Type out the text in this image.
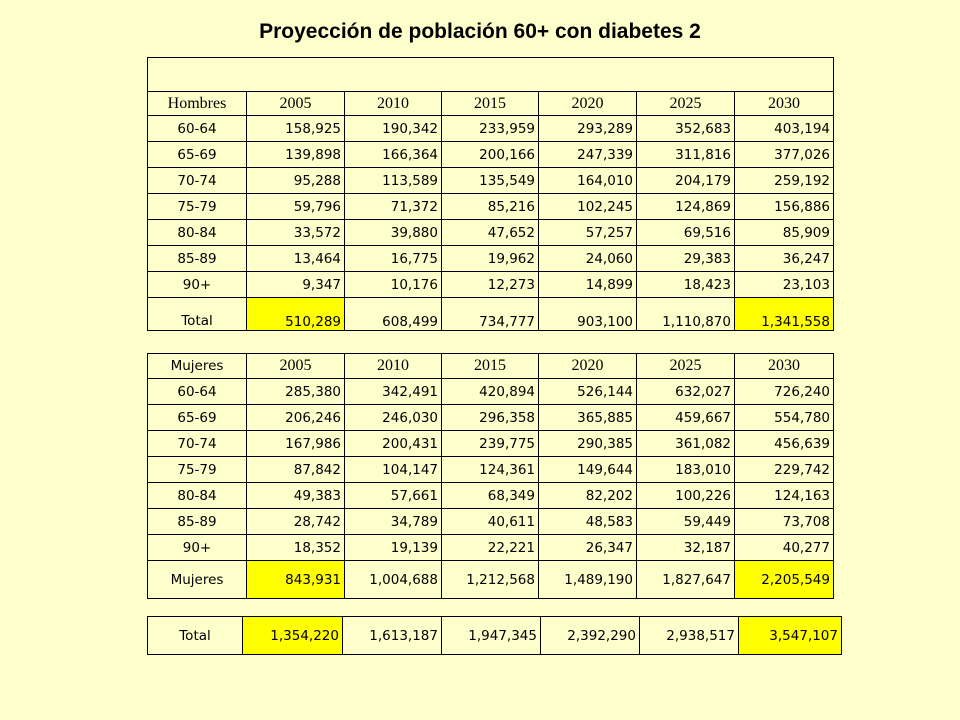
Proyección de población 60+ con diabetes 2

Hombres	2005	2010	2015	2020	2025	2030
60-64	158,925	190,342	233,959	293,289	352,683	403,194
65-69	139,898	166,364	200,166	247,339	311,816	377,026
70-74	95,288	113,589	135,549	164,010	204,179	259,192
75-79	59,796	71,372	85,216	102,245	124,869	156,886
80-84	33,572	39,880	47,652	57,257	69,516	85,909
85-89	13,464	16,775	19,962	24,060	29,383	36,247
90+	9,347	10,176	12,273	14,899	18,423	23,103
Total	510,289	608,499	734,777	903,100	1,110,870	1,341,558
Mujeres	2005	2010	2015	2020	2025	2030
60-64	285,380	342,491	420,894	526,144	632,027	726,240
65-69	206,246	246,030	296,358	365,885	459,667	554,780
70-74	167,986	200,431	239,775	290,385	361,082	456,639
75-79	87,842	104,147	124,361	149,644	183,010	229,742
80-84	49,383	57,661	68,349	82,202	100,226	124,163
85-89	28,742	34,789	40,611	48,583	59,449	73,708
90+	18,352	19,139	22,221	26,347	32,187	40,277
Mujeres	843,931	1,004,688	1,212,568	1,489,190	1,827,647	2,205,549
Total	1,354,220	1,613,187	1,947,345	2,392,290	2,938,517	3,547,107
